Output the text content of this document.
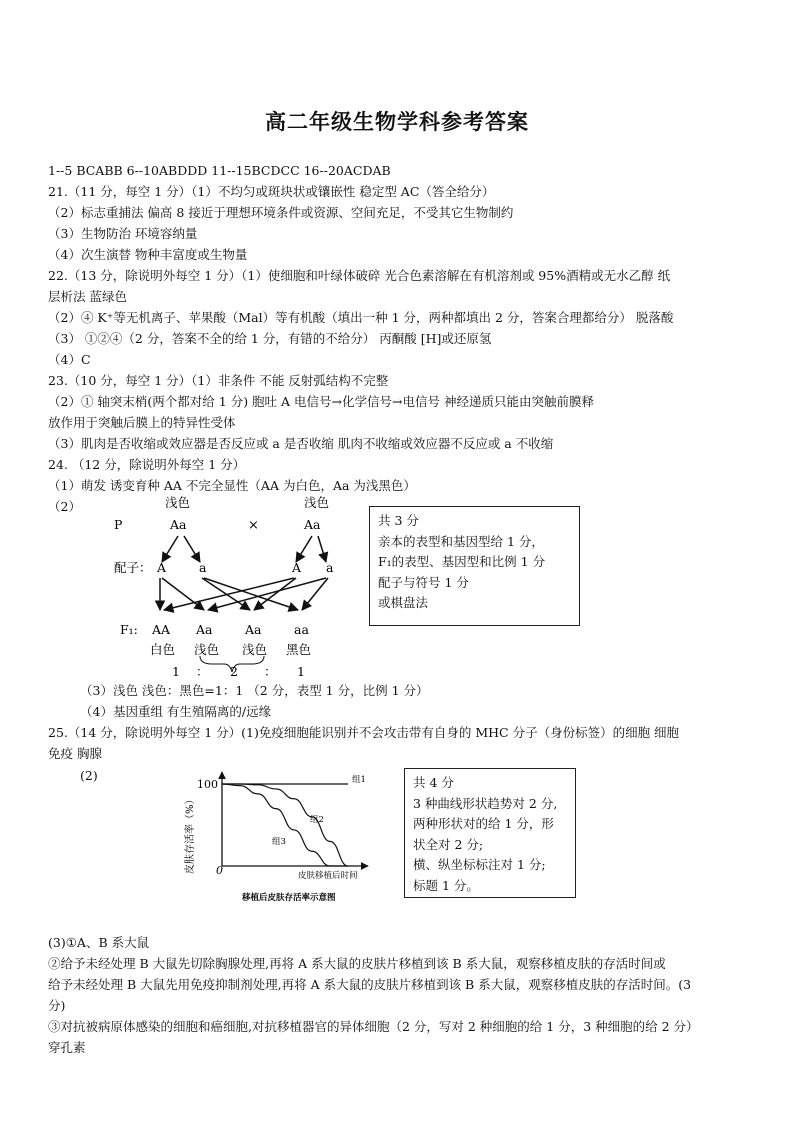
高二年级生物学科参考答案
1--5 BCABB 6--10ABDDD 11--15BCDCC 16--20ACDAB
21.（11 分，每空 1 分）（1）不均匀或斑块状或镶嵌性 稳定型 AC（答全给分）
（2）标志重捕法 偏高 8 接近于理想环境条件或资源、空间充足，不受其它生物制约
（3）生物防治 环境容纳量
（4）次生演替 物种丰富度或生物量
22.（13 分，除说明外每空 1 分）（1）使细胞和叶绿体破碎 光合色素溶解在有机溶剂或 95%酒精或无水乙醇 纸
层析法 蓝绿色
（2）④ K⁺等无机离子、苹果酸（Mal）等有机酸（填出一种 1 分，两种都填出 2 分，答案合理都给分） 脱落酸
（3） ①②④（2 分，答案不全的给 1 分，有错的不给分） 丙酮酸 [H]或还原氢
（4）C
23.（10 分，每空 1 分）（1）非条件 不能 反射弧结构不完整
（2）① 轴突末梢(两个都对给 1 分) 胞吐 A 电信号→化学信号→电信号 神经递质只能由突触前膜释
放作用于突触后膜上的特异性受体
（3）肌肉是否收缩或效应器是否反应或 a 是否收缩 肌肉不收缩或效应器不反应或 a 不收缩
24. （12 分，除说明外每空 1 分）
（1）萌发 诱变育种 AA 不完全显性（AA 为白色，Aa 为浅黑色）
（2）	浅色	浅色
P	Aa	×	Aa
配子： A	a	A a
F₁: AA Aa	Aa	aa
白色 浅色 浅色 黑色
1 ： 2 ： 1
共 3 分
亲本的表型和基因型给 1 分，
F₁的表型、基因型和比例 1 分
配子与符号 1 分
或棋盘法
（3）浅色 浅色：黑色=1：1 （2 分，表型 1 分，比例 1 分）
（4）基因重组 有生殖隔离的/远缘
25.（14 分，除说明外每空 1 分）(1)免疫细胞能识别并不会攻击带有自身的 MHC 分子（身份标签）的细胞 细胞
免疫 胸腺
(2)
皮肤存活率（%）
100
0
组1
组2
组3
皮肤移植后时间
移植后皮肤存活率示意图
共 4 分
3 种曲线形状趋势对 2 分,
两种形状对的给 1 分，形
状全对 2 分;
横、纵坐标标注对 1 分;
标题 1 分。
(3)①A、B 系大鼠
②给予未经处理 B 大鼠先切除胸腺处理,再将 A 系大鼠的皮肤片移植到该 B 系大鼠，观察移植皮肤的存活时间或
给予未经处理 B 大鼠先用免疫抑制剂处理,再将 A 系大鼠的皮肤片移植到该 B 系大鼠，观察移植皮肤的存活时间。(3
分)
③对抗被病原体感染的细胞和癌细胞,对抗移植器官的异体细胞（2 分，写对 2 种细胞的给 1 分，3 种细胞的给 2 分）
穿孔素
